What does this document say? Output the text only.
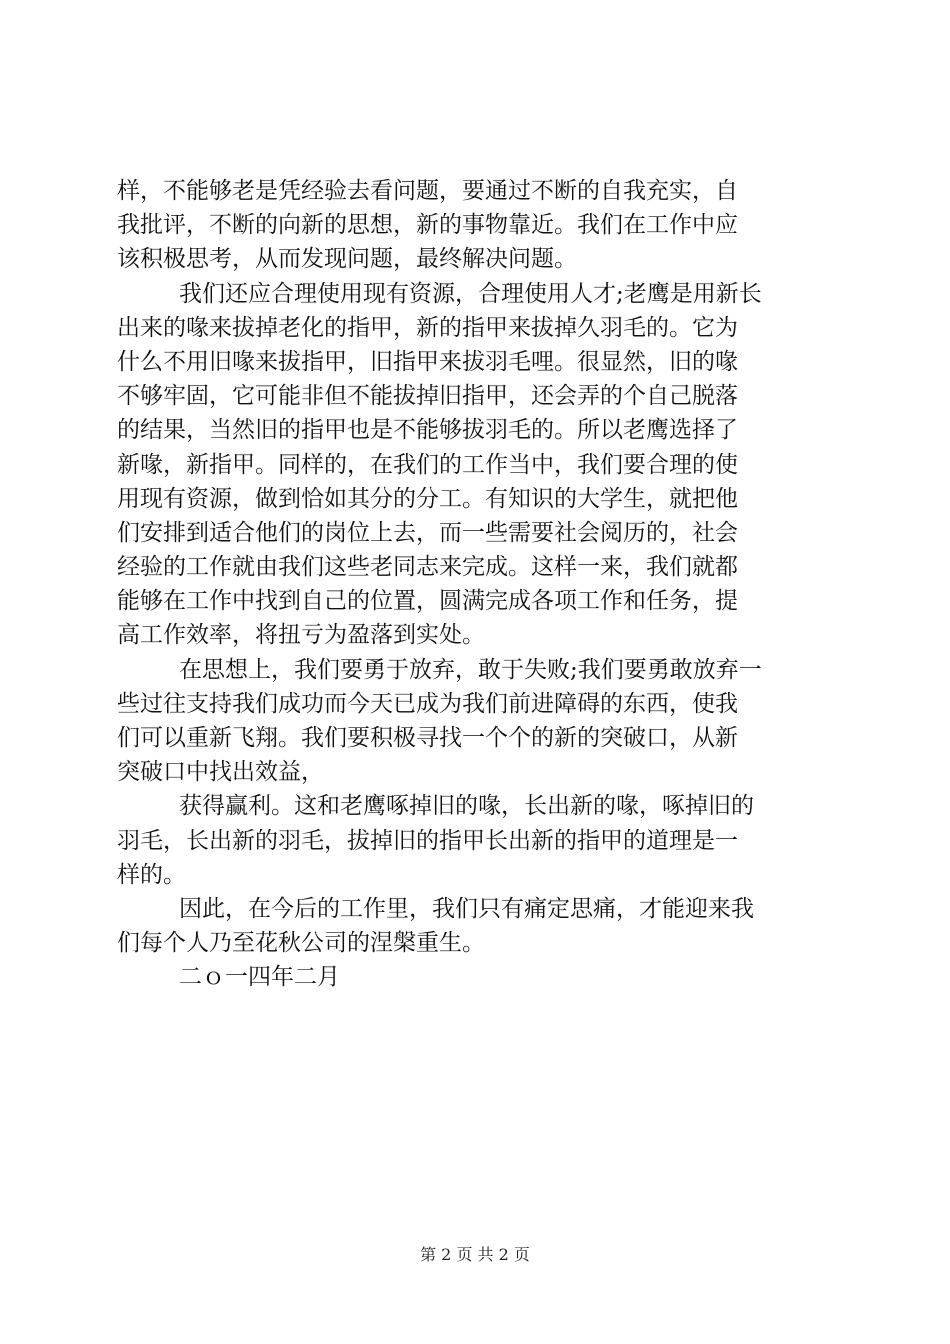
样，不能够老是凭经验去看问题，要通过不断的自我充实，自
我批评，不断的向新的思想，新的事物靠近。我们在工作中应
该积极思考，从而发现问题，最终解决问题。
我们还应合理使用现有资源，合理使用人才;老鹰是用新长
出来的喙来拔掉老化的指甲，新的指甲来拔掉久羽毛的。它为
什么不用旧喙来拔指甲，旧指甲来拔羽毛哩。很显然，旧的喙
不够牢固，它可能非但不能拔掉旧指甲，还会弄的个自己脱落
的结果，当然旧的指甲也是不能够拔羽毛的。所以老鹰选择了
新喙，新指甲。同样的，在我们的工作当中，我们要合理的使
用现有资源，做到恰如其分的分工。有知识的大学生，就把他
们安排到适合他们的岗位上去，而一些需要社会阅历的，社会
经验的工作就由我们这些老同志来完成。这样一来，我们就都
能够在工作中找到自己的位置，圆满完成各项工作和任务，提
高工作效率，将扭亏为盈落到实处。
在思想上，我们要勇于放弃，敢于失败;我们要勇敢放弃一
些过往支持我们成功而今天已成为我们前进障碍的东西，使我
们可以重新飞翔。我们要积极寻找一个个的新的突破口，从新
突破口中找出效益，
获得赢利。这和老鹰啄掉旧的喙，长出新的喙，啄掉旧的
羽毛，长出新的羽毛，拔掉旧的指甲长出新的指甲的道理是一
样的。
因此，在今后的工作里，我们只有痛定思痛，才能迎来我
们每个人乃至花秋公司的涅槃重生。
二ｏ一四年二月
第 2 页 共 2 页
